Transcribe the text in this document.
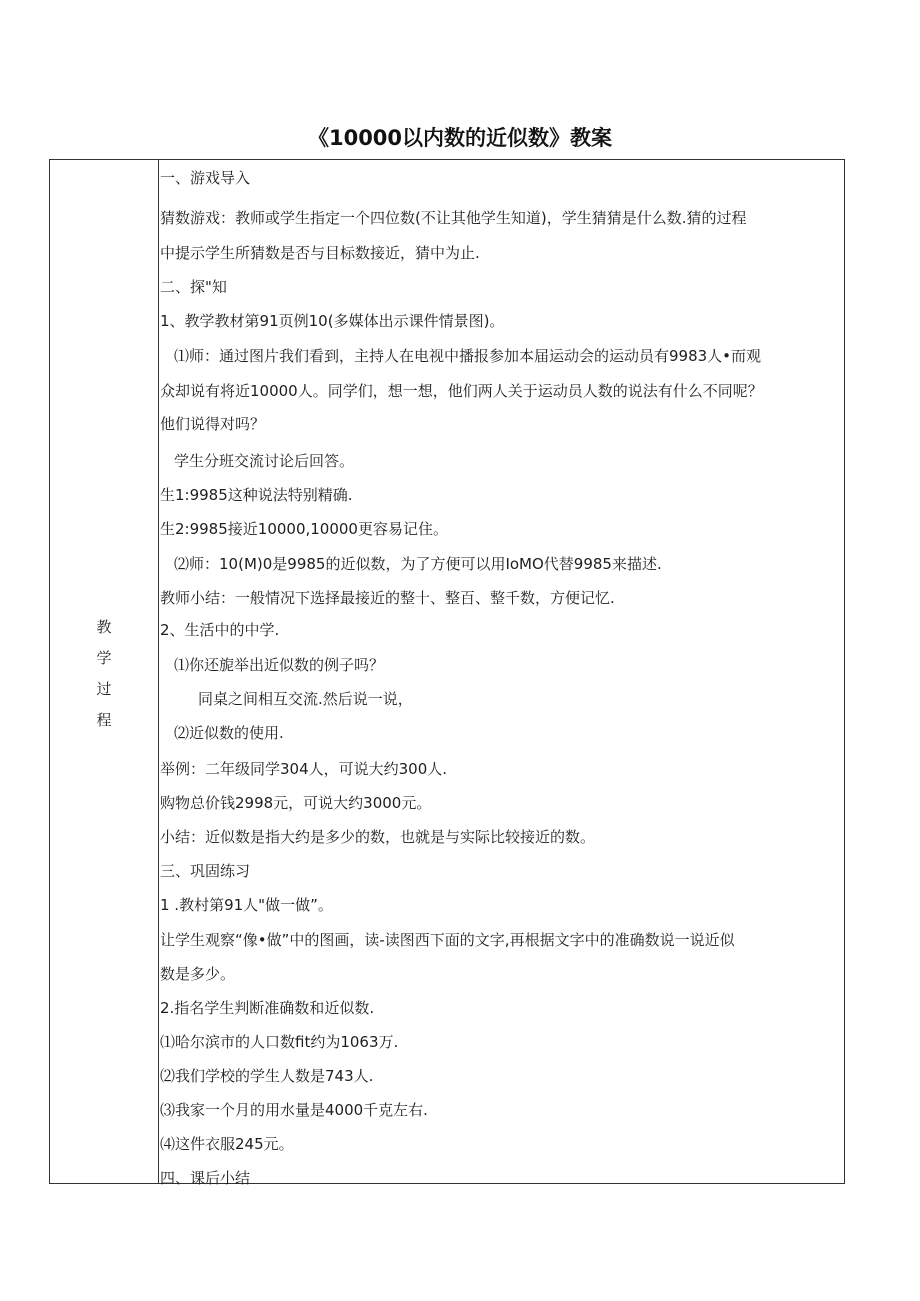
《10000以内数的近似数》教案
教
学
过
程
一、游戏导入
猜数游戏：教师或学生指定一个四位数(不让其他学生知道)，学生猜猜是什么数.猜的过程
中提示学生所猜数是否与目标数接近，猜中为止.
二、探"知
1、教学教材第91页例10(多媒体出示课件情景图)。
⑴师：通过图片我们看到，主持人在电视中播报参加本届运动会的运动员有9983人•而观
众却说有将近10000人。同学们，想一想，他们两人关于运动员人数的说法有什么不同呢？
他们说得对吗？
学生分班交流讨论后回答。
生1:9985这种说法特别精确.
生2:9985接近10000,10000更容易记住。
⑵师：10(M)0是9985的近似数，为了方便可以用IoMO代替9985来描述.
教师小结：一般情况下选择最接近的整十、整百、整千数，方便记忆.
2、生活中的中学.
⑴你还旎举出近似数的例子吗？
同桌之间相互交流.然后说一说，
⑵近似数的使用.
举例：二年级同学304人，可说大约300人.
购物总价钱2998元，可说大约3000元。
小结：近似数是指大约是多少的数，也就是与实际比较接近的数。
三、巩固练习
1 .教村第91人"做一做”。
让学生观察“像•做”中的图画，读-读图西下面的文字,再根据文字中的准确数说一说近似
数是多少。
2.指名学生判断准确数和近似数.
⑴哈尔滨市的人口数fit约为1063万.
⑵我们学校的学生人数是743人.
⑶我家一个月的用水量是4000千克左右.
⑷这件衣服245元。
四、课后小结
